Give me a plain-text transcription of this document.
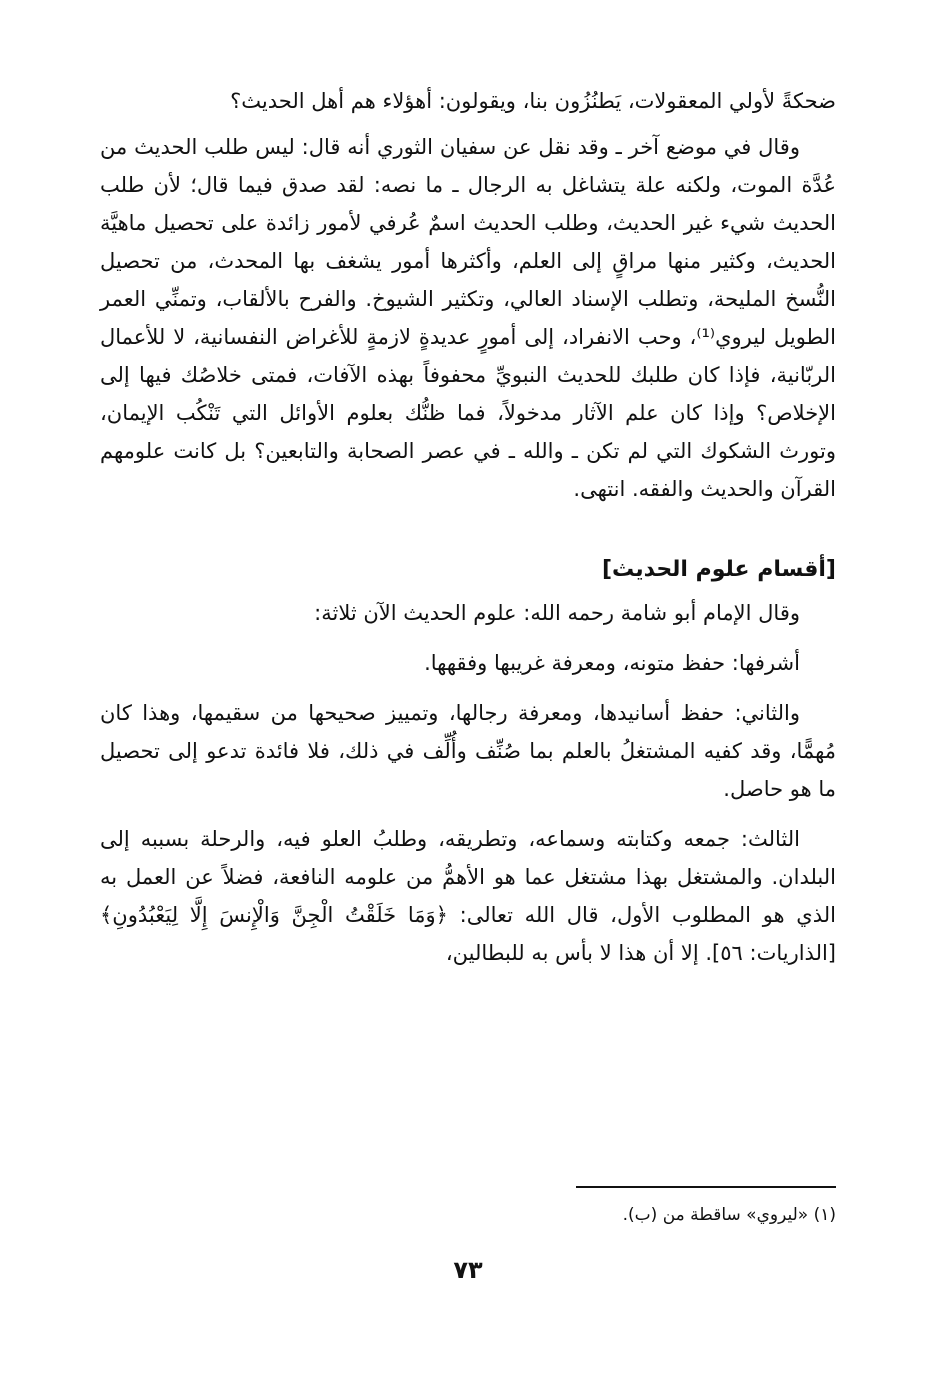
ضحكةً لأولي المعقولات، يَطنُزُون بنا، ويقولون: أهؤلاء هم أهل الحديث؟

وقال في موضع آخر ـ وقد نقل عن سفيان الثوري أنه قال: ليس طلب الحديث من عُدَّة الموت، ولكنه علة يتشاغل به الرجال ـ ما نصه: لقد صدق فيما قال؛ لأن طلب الحديث شيء غير الحديث، وطلب الحديث اسمٌ عُرفي لأمور زائدة على تحصيل ماهيَّة الحديث، وكثير منها مراقٍ إلى العلم، وأكثرها أمور يشغف بها المحدث، من تحصيل النُّسخ المليحة، وتطلب الإسناد العالي، وتكثير الشيوخ. والفرح بالألقاب، وتمنِّي العمر الطويل ليروي⁽¹⁾، وحب الانفراد، إلى أمورٍ عديدةٍ لازمةٍ للأغراض النفسانية، لا للأعمال الربّانية، فإذا كان طلبك للحديث النبويِّ محفوفاً بهذه الآفات، فمتى خلاصُك فيها إلى الإخلاص؟ وإذا كان علم الآثار مدخولاً، فما ظنُّك بعلوم الأوائل التي تَنْكُب الإيمان، وتورث الشكوك التي لم تكن ـ والله ـ في عصر الصحابة والتابعين؟ بل كانت علومهم القرآن والحديث والفقه. انتهى.

[أقسام علوم الحديث]

وقال الإمام أبو شامة رحمه الله: علوم الحديث الآن ثلاثة:

أشرفها: حفظ متونه، ومعرفة غريبها وفقهها.

والثاني: حفظ أسانيدها، ومعرفة رجالها، وتمييز صحيحها من سقيمها، وهذا كان مُهمًّا، وقد كفيه المشتغلُ بالعلم بما صُنِّف وأُلِّف في ذلك، فلا فائدة تدعو إلى تحصيل ما هو حاصل.

الثالث: جمعه وكتابته وسماعه، وتطريقه، وطلبُ العلو فيه، والرحلة بسببه إلى البلدان. والمشتغل بهذا مشتغل عما هو الأهمُّ من علومه النافعة، فضلاً عن العمل به الذي هو المطلوب الأول، قال الله تعالى: ﴿وَمَا خَلَقْتُ الْجِنَّ وَالْإِنسَ إِلَّا لِيَعْبُدُونِ﴾ [الذاريات: ٥٦]. إلا أن هذا لا بأس به للبطالين،

(١) «ليروي» ساقطة من (ب).

٧٣
